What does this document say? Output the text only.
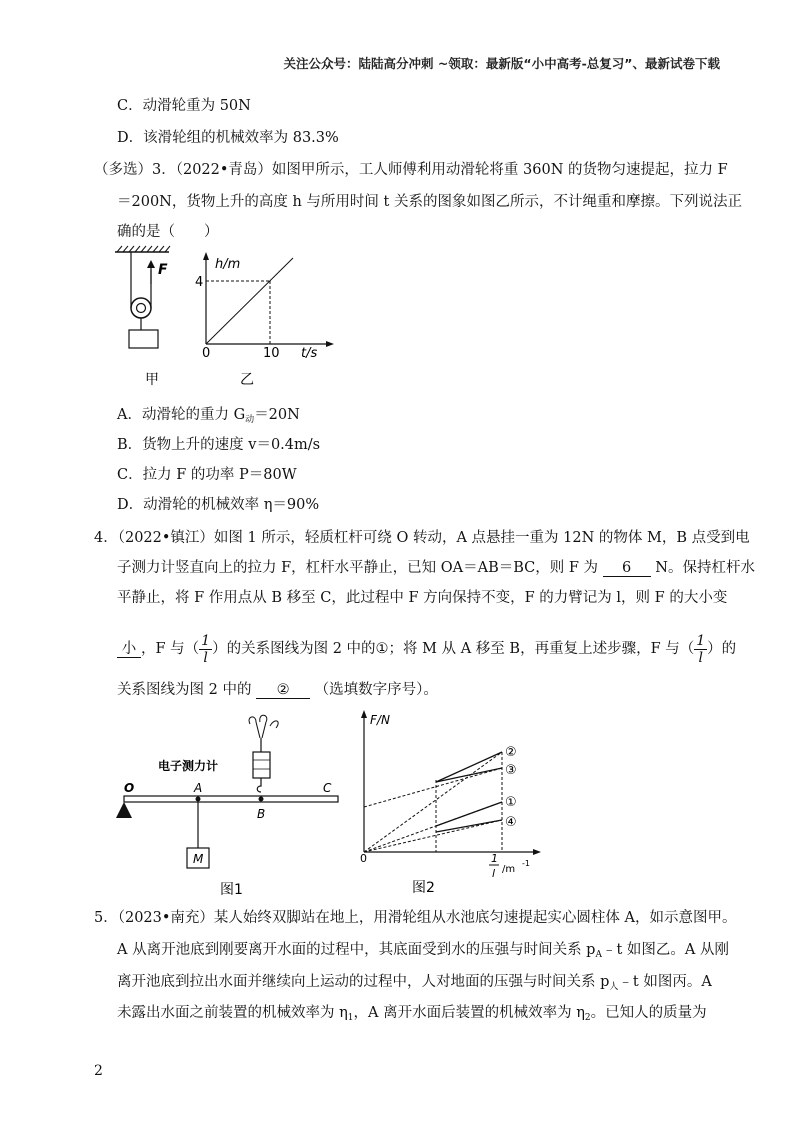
关注公众号：陆陆高分冲刺 ~领取：最新版“小中高考-总复习”、最新试卷下载
C．动滑轮重为 50N
D．该滑轮组的机械效率为 83.3%
（多选）3．（2022•青岛）如图甲所示，工人师傅利用动滑轮将重 360N 的货物匀速提起，拉力 F
＝200N，货物上升的高度 h 与所用时间 t 关系的图象如图乙所示，不计绳重和摩擦。下列说法正
确的是（　　）
F
甲
h/m
t/s
4
10
0
乙
A．动滑轮的重力 $G_动=20N$
B．货物上升的速度 v＝0.4m/s
C．拉力 F 的功率 P＝80W
D．动滑轮的机械效率 η＝90%
4．（2022•镇江）如图 1 所示，轻质杠杆可绕 O 转动，A 点悬挂一重为 12N 的物体 M，B 点受到电
子测力计竖直向上的拉力 F，杠杆水平静止，已知 OA＝AB＝BC，则 F 为 6 N。保持杠杆水
平静止，将 F 作用点从 B 移至 C，此过程中 F 方向保持不变，F 的力臂记为 l，则 F 的大小变
小 ，F 与（ $\frac{1}{l}$ ）的关系图线为图 2 中的①；将 M 从 A 移至 B，再重复上述步骤，F 与（ $\frac{1}{l}$ ）的
关系图线为图 2 中的 ② （选填数字序号）。
电子测力计
O	A
B
C
M
图1
F/N
0	1
l /m
-1
②
③
①
④
图2
5．（2023•南充）某人始终双脚站在地上，用滑轮组从水池底匀速提起实心圆柱体 A，如示意图甲。
A 从离开池底到刚要离开水面的过程中，其底面受到水的压强与时间关系 $p_A﹣t$ 如图乙。A 从刚
离开池底到拉出水面并继续向上运动的过程中，人对地面的压强与时间关系 $p_人﹣t$ 如图丙。A
未露出水面之前装置的机械效率为 $\eta_1$，A 离开水面后装置的机械效率为 $\eta_2$。已知人的质量为
2
